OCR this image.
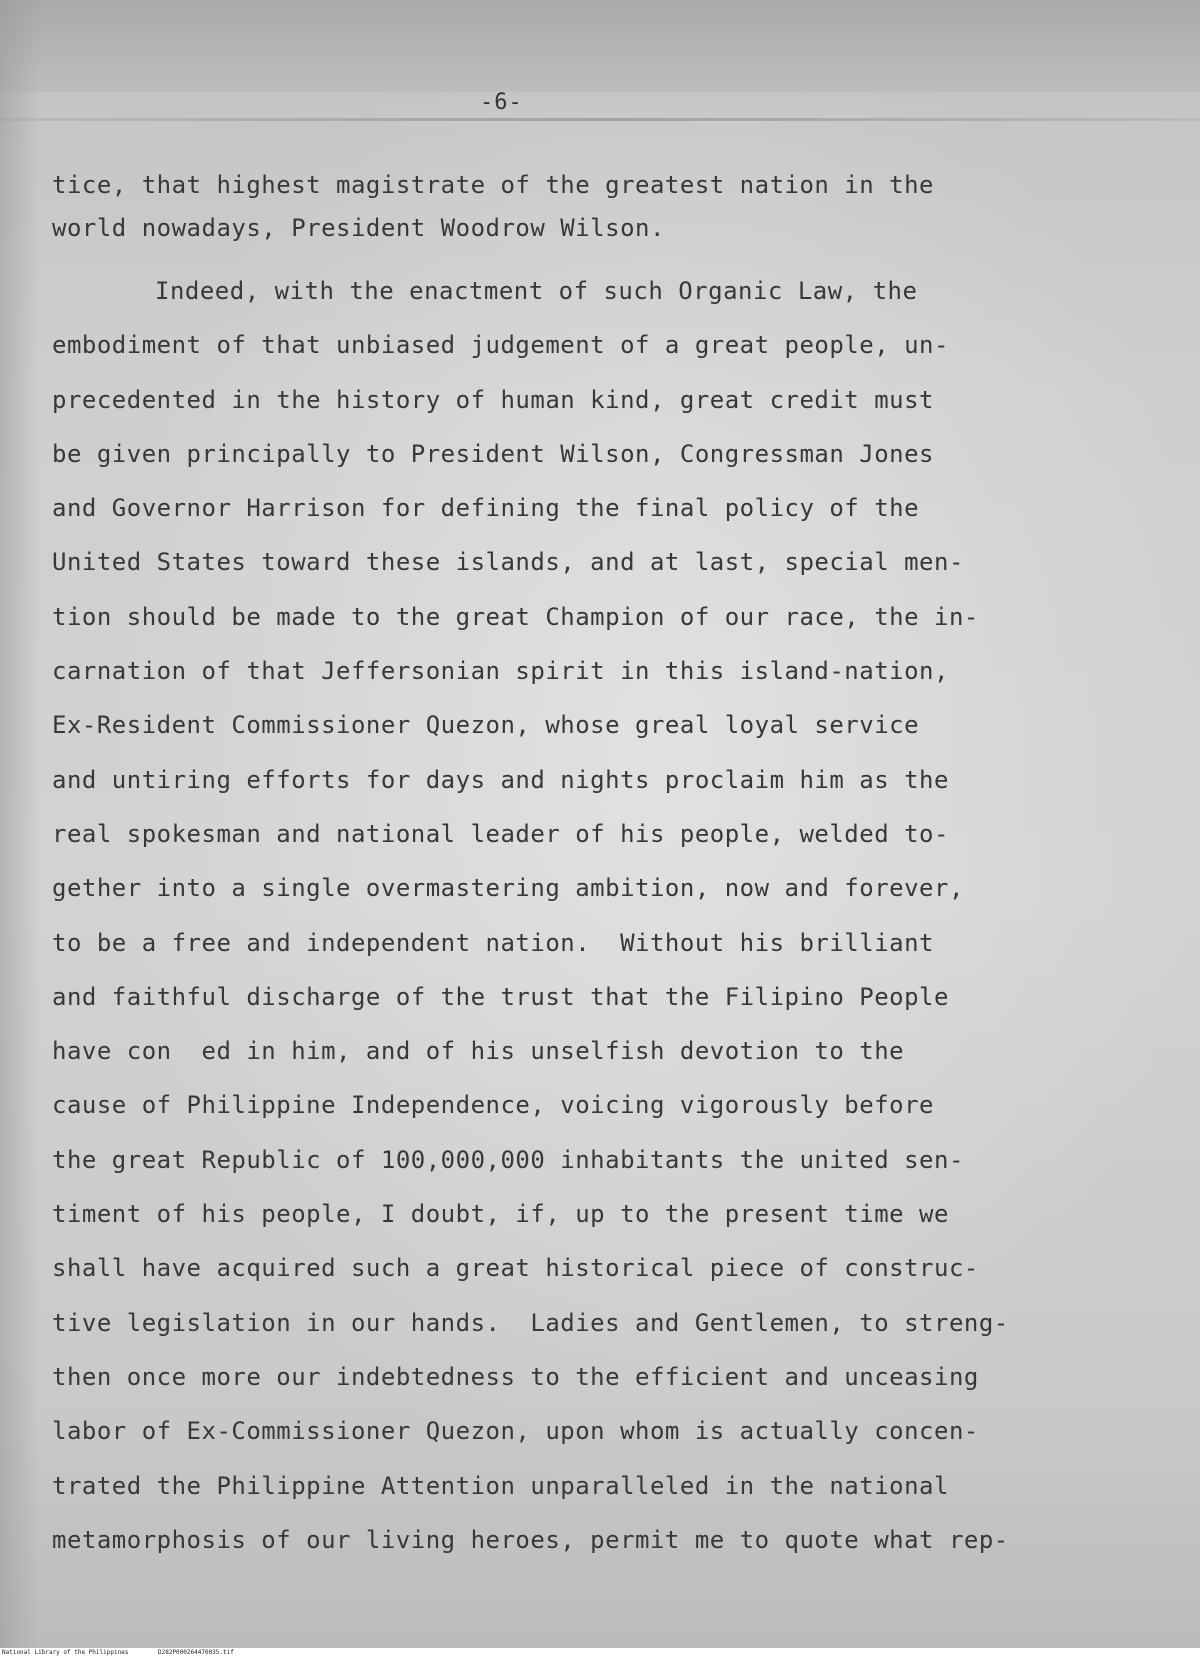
-6-
tice, that highest magistrate of the greatest nation in the
world nowadays, President Woodrow Wilson.
Indeed, with the enactment of such Organic Law, the
embodiment of that unbiased judgement of a great people, un-
precedented in the history of human kind, great credit must
be given principally to President Wilson, Congressman Jones
and Governor Harrison for defining the final policy of the
United States toward these islands, and at last, special men-
tion should be made to the great Champion of our race, the in-
carnation of that Jeffersonian spirit in this island-nation,
Ex-Resident Commissioner Quezon, whose greal loyal service
and untiring efforts for days and nights proclaim him as the
real spokesman and national leader of his people, welded to-
gether into a single overmastering ambition, now and forever,
to be a free and independent nation.  Without his brilliant
and faithful discharge of the trust that the Filipino People
have con  ed in him, and of his unselfish devotion to the
cause of Philippine Independence, voicing vigorously before
the great Republic of 100,000,000 inhabitants the united sen-
timent of his people, I doubt, if, up to the present time we
shall have acquired such a great historical piece of construc-
tive legislation in our hands.  Ladies and Gentlemen, to streng-
then once more our indebtedness to the efficient and unceasing
labor of Ex-Commissioner Quezon, upon whom is actually concen-
trated the Philippine Attention unparalleled in the national
metamorphosis of our living heroes, permit me to quote what rep-
National Library of the Philippines	D282P000264470035.tif
